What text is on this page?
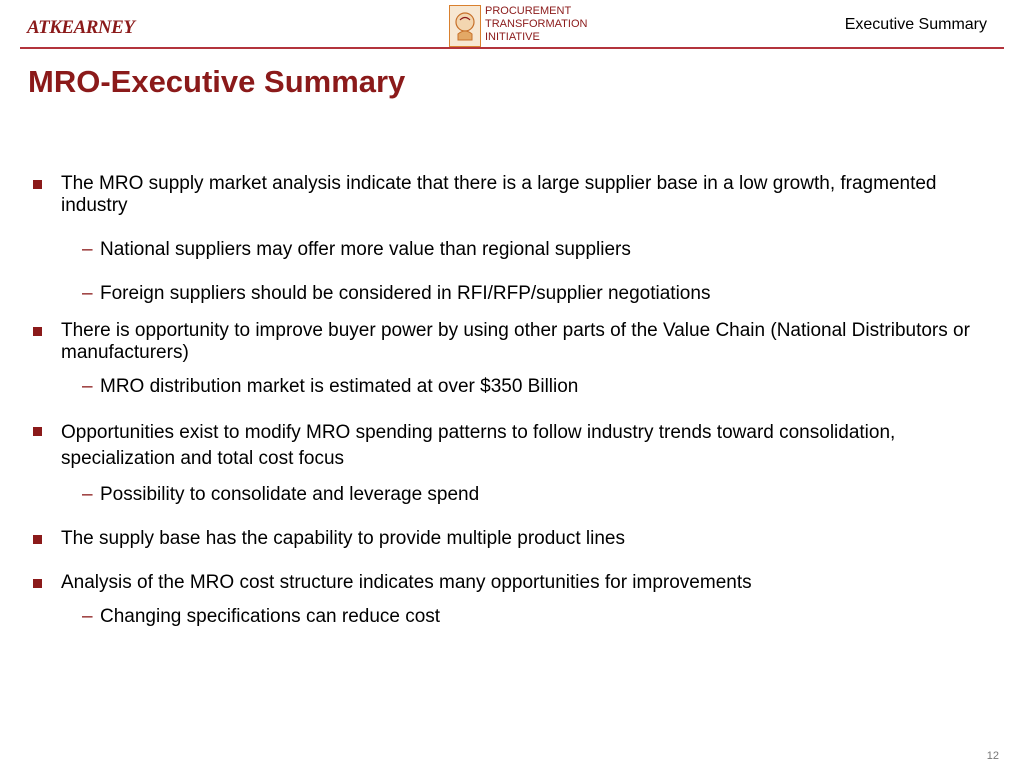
ATKEARNEY
PROCUREMENT
TRANSFORMATION
INITIATIVE
Executive Summary
MRO-Executive Summary
The MRO supply market analysis indicate that there is a large supplier base in a low growth, fragmented industry
– National suppliers may offer more value than regional suppliers
– Foreign suppliers should be considered in RFI/RFP/supplier negotiations
There is opportunity to improve buyer power by using other parts of the Value Chain (National Distributors or manufacturers)
– MRO distribution market is estimated at over $350 Billion
Opportunities exist to modify MRO spending patterns to follow industry trends toward consolidation, specialization and total cost focus
– Possibility to consolidate and leverage spend
The supply base has the capability to provide multiple product lines
Analysis of the MRO cost structure indicates many opportunities for improvements
– Changing specifications can reduce cost
12
